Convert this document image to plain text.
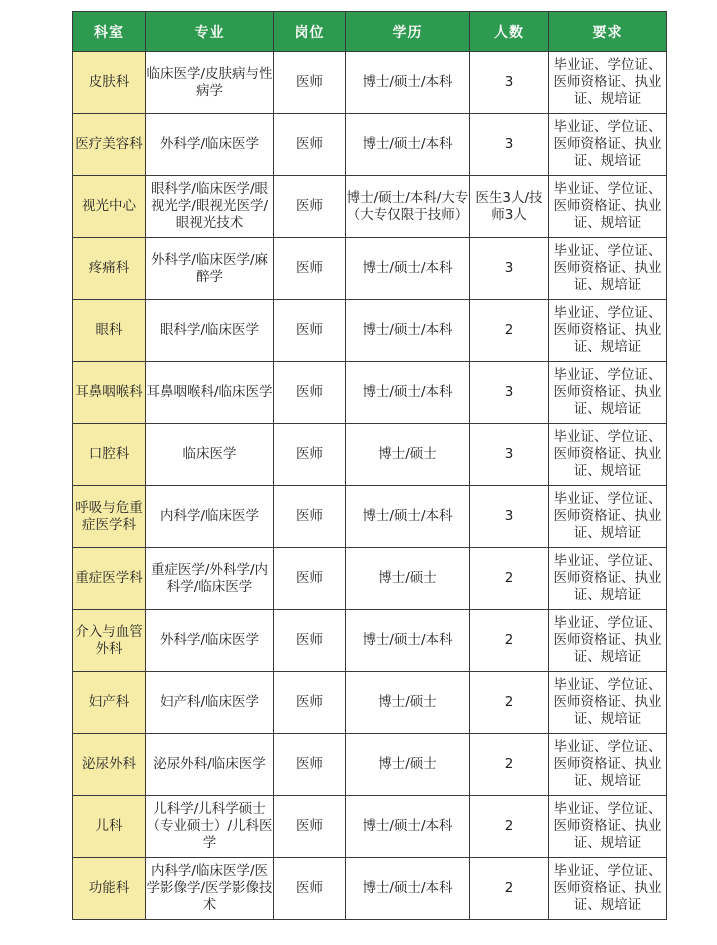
科室	专业	岗位	学历	人数	要求
皮肤科	临床医学/皮肤病与性病学	医师	博士/硕士/本科	3	毕业证、学位证、医师资格证、执业证、规培证
医疗美容科	外科学/临床医学	医师	博士/硕士/本科	3	毕业证、学位证、医师资格证、执业证、规培证
视光中心	眼科学/临床医学/眼视光学/眼视光医学/眼视光技术	医师	博士/硕士/本科/大专（大专仅限于技师）	医生3人/技师3人	毕业证、学位证、医师资格证、执业证、规培证
疼痛科	外科学/临床医学/麻醉学	医师	博士/硕士/本科	3	毕业证、学位证、医师资格证、执业证、规培证
眼科	眼科学/临床医学	医师	博士/硕士/本科	2	毕业证、学位证、医师资格证、执业证、规培证
耳鼻咽喉科	耳鼻咽喉科/临床医学	医师	博士/硕士/本科	3	毕业证、学位证、医师资格证、执业证、规培证
口腔科	临床医学	医师	博士/硕士	3	毕业证、学位证、医师资格证、执业证、规培证
呼吸与危重症医学科	内科学/临床医学	医师	博士/硕士/本科	3	毕业证、学位证、医师资格证、执业证、规培证
重症医学科	重症医学/外科学/内科学/临床医学	医师	博士/硕士	2	毕业证、学位证、医师资格证、执业证、规培证
介入与血管外科	外科学/临床医学	医师	博士/硕士/本科	2	毕业证、学位证、医师资格证、执业证、规培证
妇产科	妇产科/临床医学	医师	博士/硕士	2	毕业证、学位证、医师资格证、执业证、规培证
泌尿外科	泌尿外科/临床医学	医师	博士/硕士	2	毕业证、学位证、医师资格证、执业证、规培证
儿科	儿科学/儿科学硕士（专业硕士）/儿科医学	医师	博士/硕士/本科	2	毕业证、学位证、医师资格证、执业证、规培证
功能科	内科学/临床医学/医学影像学/医学影像技术	医师	博士/硕士/本科	2	毕业证、学位证、医师资格证、执业证、规培证
